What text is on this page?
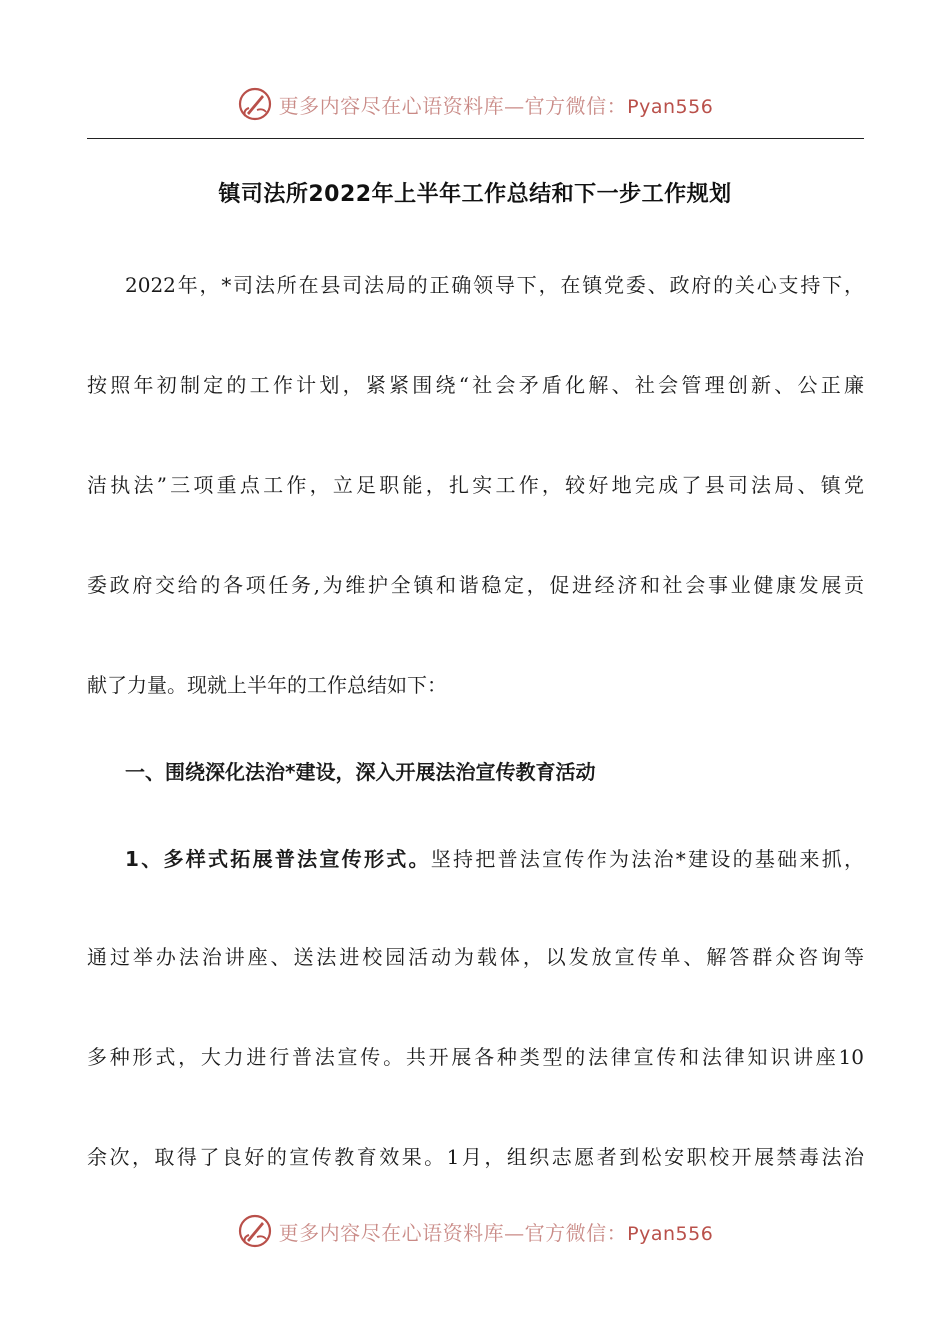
更多内容尽在心语资料库—官方微信：Pyan556
镇司法所2022年上半年工作总结和下一步工作规划
2022年，*司法所在县司法局的正确领导下，在镇党委、政府的关心支持下，
按照年初制定的工作计划，紧紧围绕“社会矛盾化解、社会管理创新、公正廉
洁执法”三项重点工作，立足职能，扎实工作，较好地完成了县司法局、镇党
委政府交给的各项任务,为维护全镇和谐稳定，促进经济和社会事业健康发展贡
献了力量。现就上半年的工作总结如下：
一、围绕深化法治*建设，深入开展法治宣传教育活动
1、多样式拓展普法宣传形式。坚持把普法宣传作为法治*建设的基础来抓，
通过举办法治讲座、送法进校园活动为载体，以发放宣传单、解答群众咨询等
多种形式，大力进行普法宣传。共开展各种类型的法律宣传和法律知识讲座10
余次，取得了良好的宣传教育效果。1月，组织志愿者到松安职校开展禁毒法治
更多内容尽在心语资料库—官方微信：Pyan556
